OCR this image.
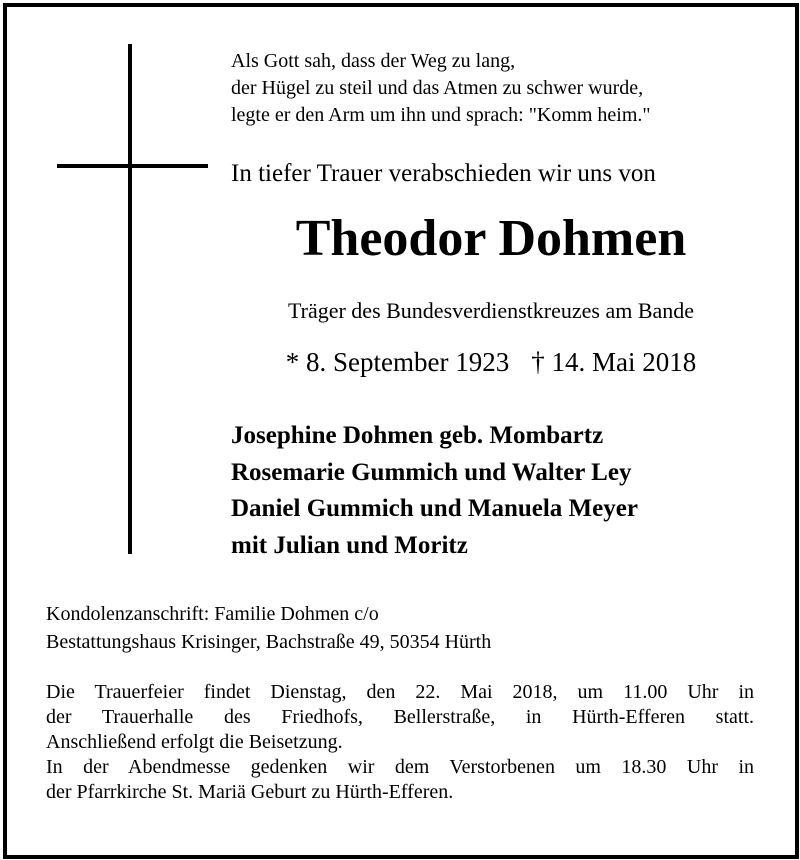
Als Gott sah, dass der Weg zu lang,
der Hügel zu steil und das Atmen zu schwer wurde,
legte er den Arm um ihn und sprach: "Komm heim."
In tiefer Trauer verabschieden wir uns von
Theodor Dohmen
Träger des Bundesverdienstkreuzes am Bande
* 8. September 1923 † 14. Mai 2018
Josephine Dohmen geb. Mombartz
Rosemarie Gummich und Walter Ley
Daniel Gummich und Manuela Meyer
mit Julian und Moritz
Kondolenzanschrift: Familie Dohmen c/o
Bestattungshaus Krisinger, Bachstraße 49, 50354 Hürth
Die Trauerfeier findet Dienstag, den 22. Mai 2018, um 11.00 Uhr in
der Trauerhalle des Friedhofs, Bellerstraße, in Hürth-Efferen statt.
Anschließend erfolgt die Beisetzung.
In der Abendmesse gedenken wir dem Verstorbenen um 18.30 Uhr in
der Pfarrkirche St. Mariä Geburt zu Hürth-Efferen.
